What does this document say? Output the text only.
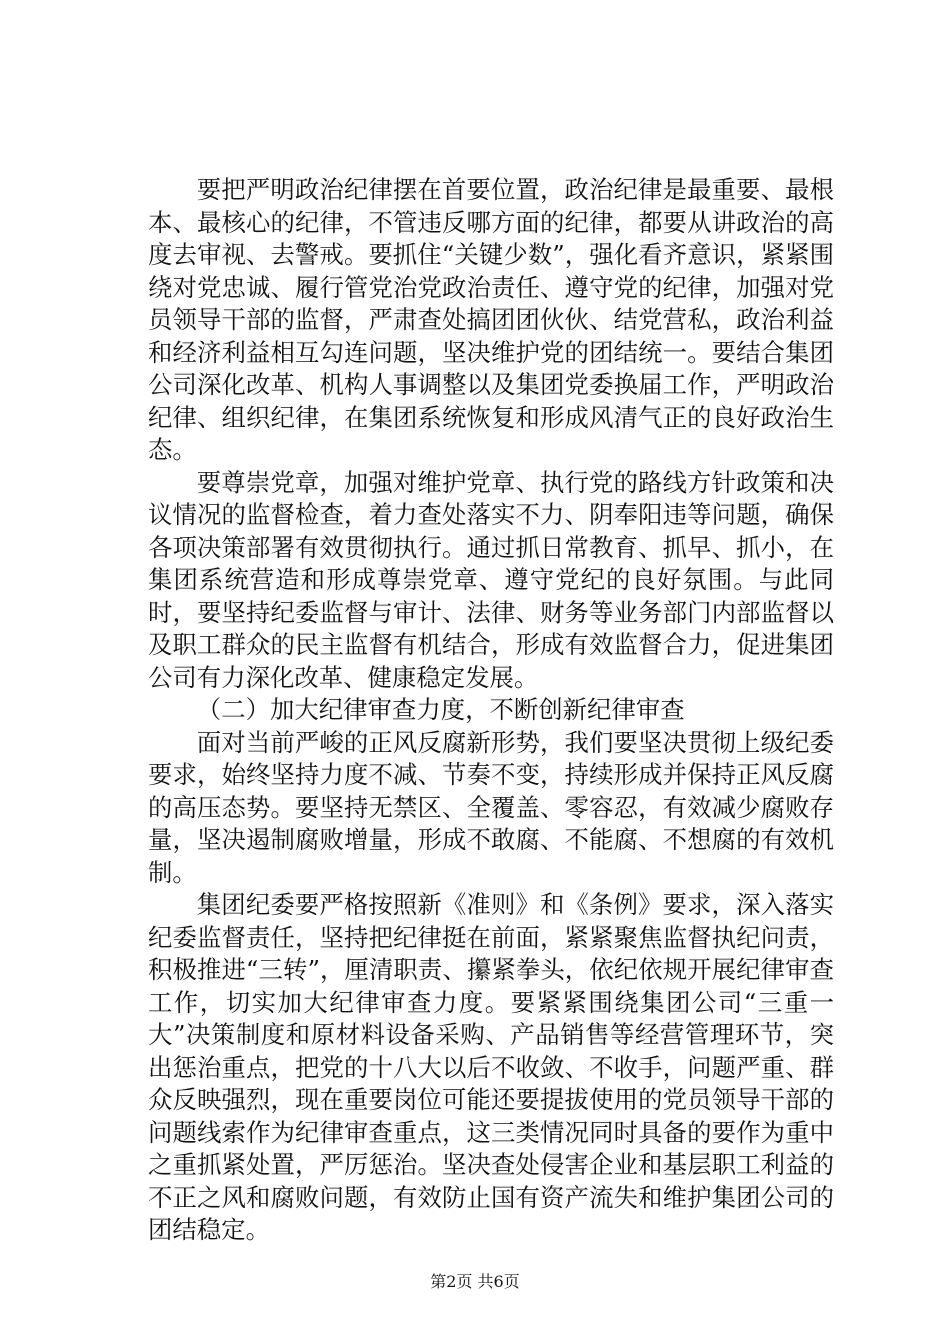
要把严明政治纪律摆在首要位置，政治纪律是最重要、最根本、最核心的纪律，不管违反哪方面的纪律，都要从讲政治的高度去审视、去警戒。要抓住“关键少数”，强化看齐意识，紧紧围绕对党忠诚、履行管党治党政治责任、遵守党的纪律，加强对党员领导干部的监督，严肃查处搞团团伙伙、结党营私，政治利益和经济利益相互勾连问题，坚决维护党的团结统一。要结合集团公司深化改革、机构人事调整以及集团党委换届工作，严明政治纪律、组织纪律，在集团系统恢复和形成风清气正的良好政治生态。

要尊崇党章，加强对维护党章、执行党的路线方针政策和决议情况的监督检查，着力查处落实不力、阴奉阳违等问题，确保各项决策部署有效贯彻执行。通过抓日常教育、抓早、抓小，在集团系统营造和形成尊崇党章、遵守党纪的良好氛围。与此同时，要坚持纪委监督与审计、法律、财务等业务部门内部监督以及职工群众的民主监督有机结合，形成有效监督合力，促进集团公司有力深化改革、健康稳定发展。

（二）加大纪律审查力度，不断创新纪律审查

面对当前严峻的正风反腐新形势，我们要坚决贯彻上级纪委要求，始终坚持力度不减、节奏不变，持续形成并保持正风反腐的高压态势。要坚持无禁区、全覆盖、零容忍，有效减少腐败存量，坚决遏制腐败增量，形成不敢腐、不能腐、不想腐的有效机制。

集团纪委要严格按照新《准则》和《条例》要求，深入落实纪委监督责任，坚持把纪律挺在前面，紧紧聚焦监督执纪问责，积极推进“三转”，厘清职责、攥紧拳头，依纪依规开展纪律审查工作，切实加大纪律审查力度。要紧紧围绕集团公司“三重一大”决策制度和原材料设备采购、产品销售等经营管理环节，突出惩治重点，把党的十八大以后不收敛、不收手，问题严重、群众反映强烈，现在重要岗位可能还要提拔使用的党员领导干部的问题线索作为纪律审查重点，这三类情况同时具备的要作为重中之重抓紧处置，严厉惩治。坚决查处侵害企业和基层职工利益的不正之风和腐败问题，有效防止国有资产流失和维护集团公司的团结稳定。

第2页 共6页
